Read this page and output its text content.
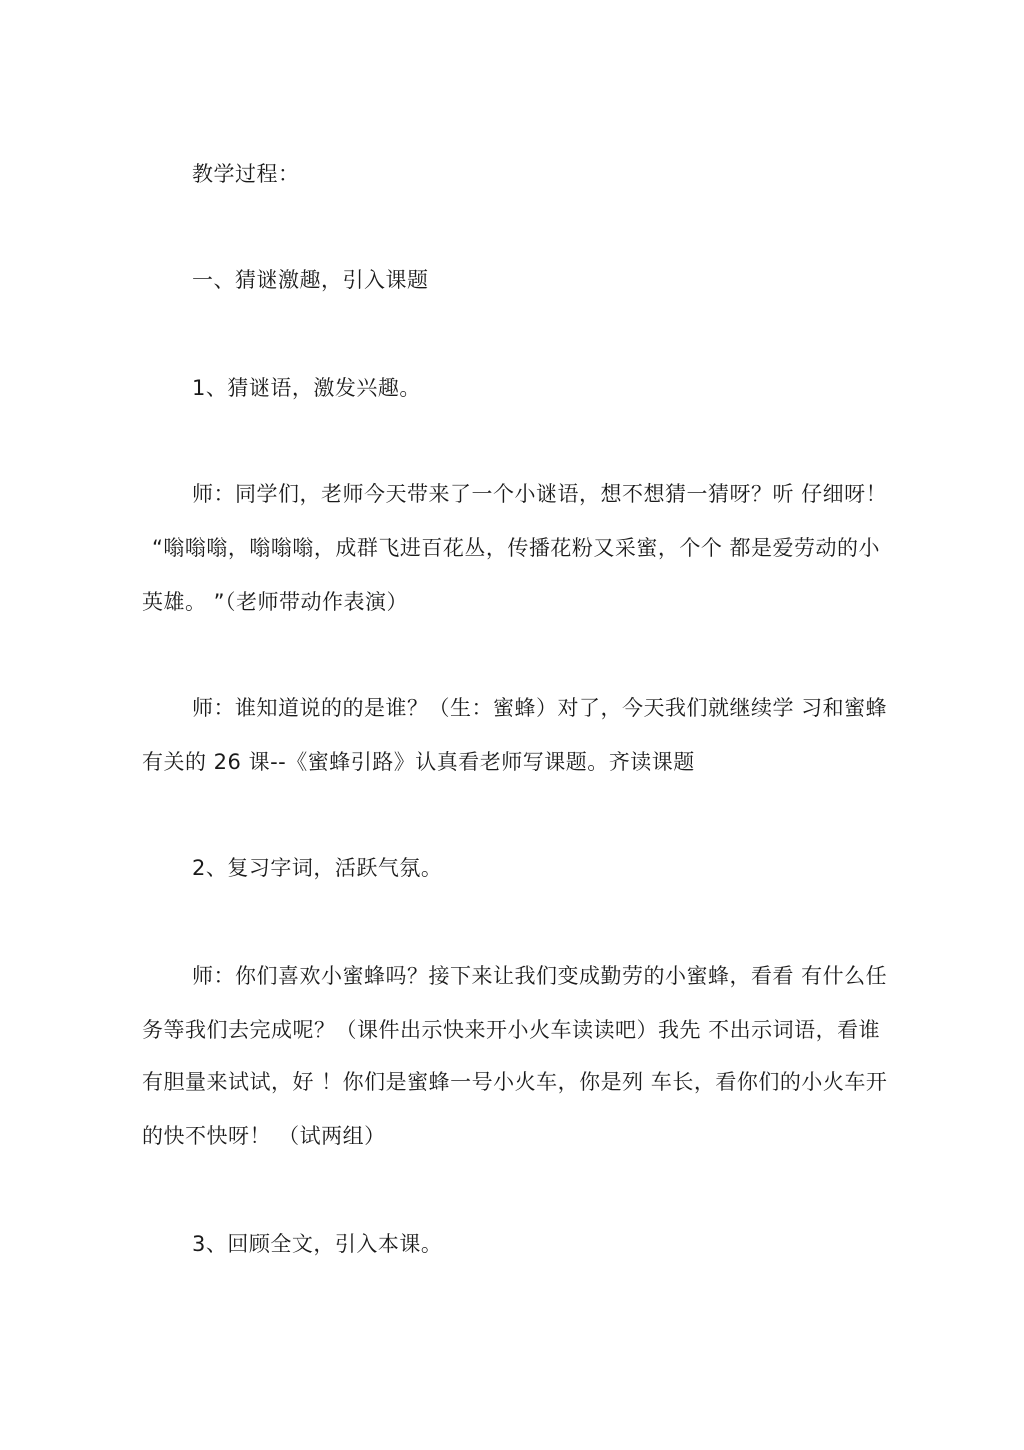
教学过程：
一、猜谜激趣，引入课题
1、猜谜语，激发兴趣。
师：同学们，老师今天带来了一个小谜语，想不想猜一猜呀？听 仔细呀！
“嗡嗡嗡，嗡嗡嗡，成群飞进百花丛，传播花粉又采蜜，个个 都是爱劳动的小
英雄。 ”（老师带动作表演）
师：谁知道说的的是谁？（生：蜜蜂）对了，今天我们就继续学 习和蜜蜂
有关的 26 课--《蜜蜂引路》认真看老师写课题。齐读课题
2、复习字词，活跃气氛。
师：你们喜欢小蜜蜂吗？接下来让我们变成勤劳的小蜜蜂，看看 有什么任
务等我们去完成呢？（课件出示快来开小火车读读吧）我先 不出示词语，看谁
有胆量来试试，好 ！你们是蜜蜂一号小火车，你是列 车长，看你们的小火车开
的快不快呀！ （试两组）
3、回顾全文，引入本课。
